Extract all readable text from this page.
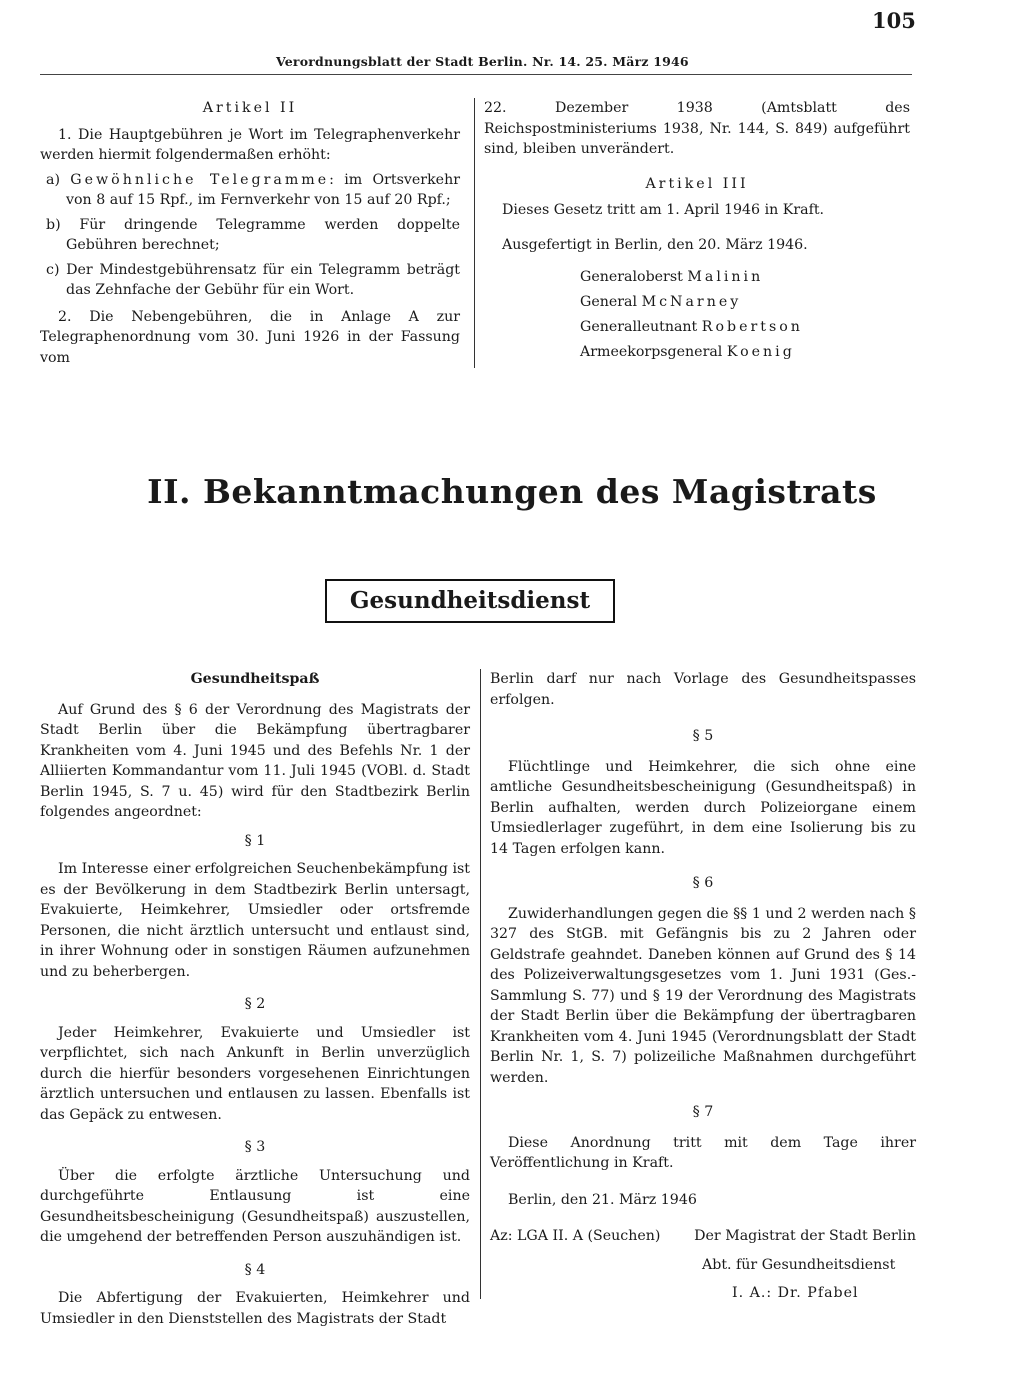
105
Verordnungsblatt der Stadt Berlin. Nr. 14. 25. März 1946

Artikel II

1. Die Hauptgebühren je Wort im Telegraphenverkehr werden hiermit folgendermaßen erhöht:

a) Gewöhnliche Telegramme: im Ortsverkehr von 8 auf 15 Rpf., im Fernverkehr von 15 auf 20 Rpf.;

b) Für dringende Telegramme werden doppelte Gebühren berechnet;

c) Der Mindestgebührensatz für ein Telegramm beträgt das Zehnfache der Gebühr für ein Wort.

2. Die Nebengebühren, die in Anlage A zur Telegraphenordnung vom 30. Juni 1926 in der Fassung vom

22. Dezember 1938 (Amtsblatt des Reichspostministeriums 1938, Nr. 144, S. 849) aufgeführt sind, bleiben unverändert.

Artikel III

Dieses Gesetz tritt am 1. April 1946 in Kraft.

Ausgefertigt in Berlin, den 20. März 1946.

Generaloberst Malinin
General McNarney
Generalleutnant Robertson
Armeekorpsgeneral Koenig
II. Bekanntmachungen des Magistrats
Gesundheitsdienst

Gesundheitspaß

Auf Grund des § 6 der Verordnung des Magistrats der Stadt Berlin über die Bekämpfung übertragbarer Krankheiten vom 4. Juni 1945 und des Befehls Nr. 1 der Alliierten Kommandantur vom 11. Juli 1945 (VOBl. d. Stadt Berlin 1945, S. 7 u. 45) wird für den Stadtbezirk Berlin folgendes angeordnet:

§ 1

Im Interesse einer erfolgreichen Seuchenbekämpfung ist es der Bevölkerung in dem Stadtbezirk Berlin untersagt, Evakuierte, Heimkehrer, Umsiedler oder ortsfremde Personen, die nicht ärztlich untersucht und entlaust sind, in ihrer Wohnung oder in sonstigen Räumen aufzunehmen und zu beherbergen.

§ 2

Jeder Heimkehrer, Evakuierte und Umsiedler ist verpflichtet, sich nach Ankunft in Berlin unverzüglich durch die hierfür besonders vorgesehenen Einrichtungen ärztlich untersuchen und entlausen zu lassen. Ebenfalls ist das Gepäck zu entwesen.

§ 3

Über die erfolgte ärztliche Untersuchung und durchgeführte Entlausung ist eine Gesundheitsbescheinigung (Gesundheitspaß) auszustellen, die umgehend der betreffenden Person auszuhändigen ist.

§ 4

Die Abfertigung der Evakuierten, Heimkehrer und Umsiedler in den Dienststellen des Magistrats der Stadt

Berlin darf nur nach Vorlage des Gesundheitspasses erfolgen.

§ 5

Flüchtlinge und Heimkehrer, die sich ohne eine amtliche Gesundheitsbescheinigung (Gesundheitspaß) in Berlin aufhalten, werden durch Polizeiorgane einem Umsiedlerlager zugeführt, in dem eine Isolierung bis zu 14 Tagen erfolgen kann.

§ 6

Zuwiderhandlungen gegen die §§ 1 und 2 werden nach § 327 des StGB. mit Gefängnis bis zu 2 Jahren oder Geldstrafe geahndet. Daneben können auf Grund des § 14 des Polizeiverwaltungsgesetzes vom 1. Juni 1931 (Ges.-Sammlung S. 77) und § 19 der Verordnung des Magistrats der Stadt Berlin über die Bekämpfung der übertragbaren Krankheiten vom 4. Juni 1945 (Verordnungsblatt der Stadt Berlin Nr. 1, S. 7) polizeiliche Maßnahmen durchgeführt werden.

§ 7

Diese Anordnung tritt mit dem Tage ihrer Veröffentlichung in Kraft.

Berlin, den 21. März 1946

Az: LGA II. A (Seuchen) Der Magistrat der Stadt Berlin

Abt. für Gesundheitsdienst

I. A.: Dr. Pfabel
